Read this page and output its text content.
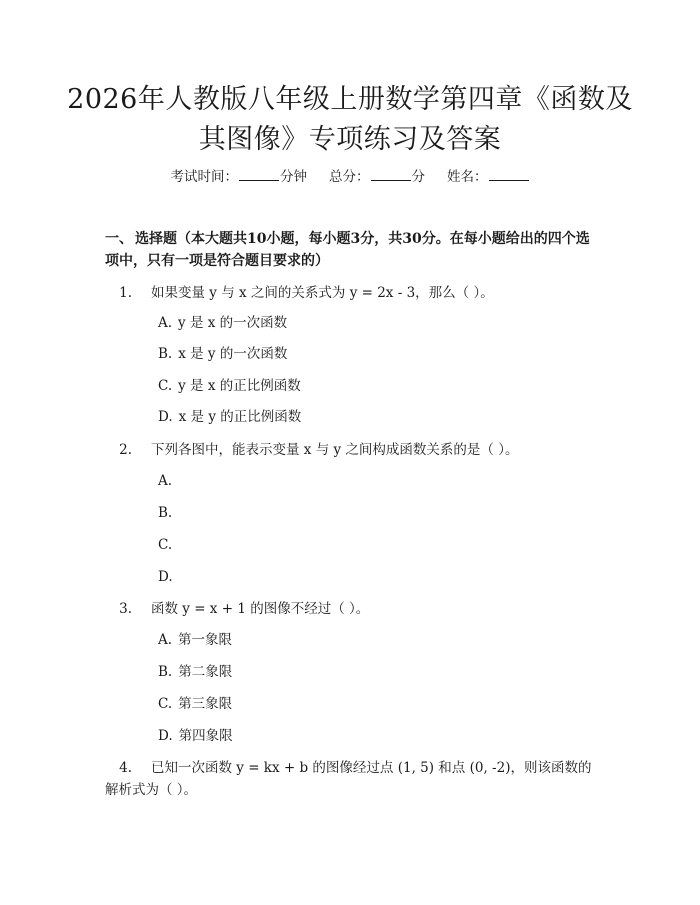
2026年人教版八年级上册数学第四章《函数及其图像》专项练习及答案
考试时间：	分钟 总分：	分 姓名：
一、 选择题（本大题共10小题，每小题3分，共30分。在每小题给出的四个选项中，只有一项是符合题目要求的）
1. 如果变量 y 与 x 之间的关系式为 y = 2x - 3，那么（ ）。
A. y 是 x 的一次函数
B. x 是 y 的一次函数
C. y 是 x 的正比例函数
D. x 是 y 的正比例函数
2. 下列各图中，能表示变量 x 与 y 之间构成函数关系的是（ ）。
A.
B.
C.
D.
3. 函数 y = x + 1 的图像不经过（ ）。
A. 第一象限
B. 第二象限
C. 第三象限
D. 第四象限
4. 已知一次函数 y = kx + b 的图像经过点 (1, 5) 和点 (0, -2)，则该函数的解析式为（ ）。
